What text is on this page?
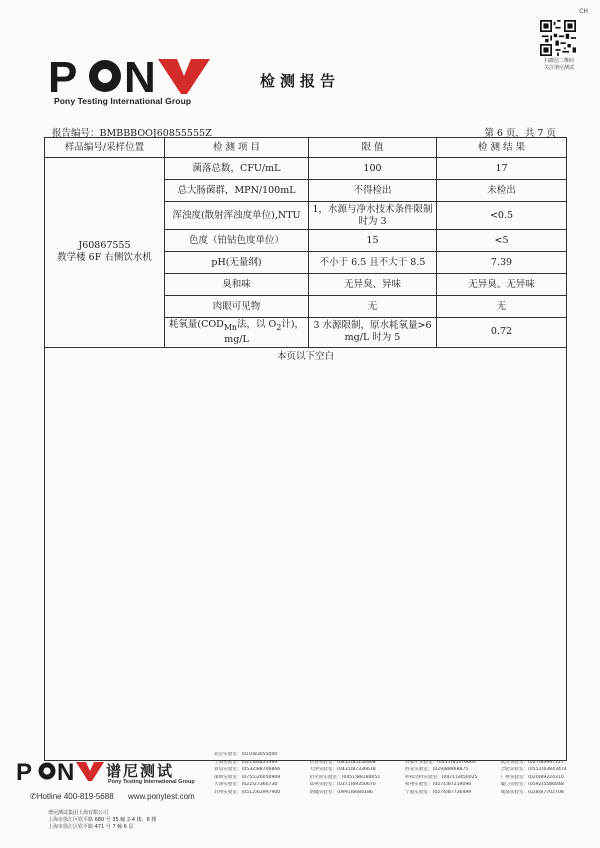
CH
P N
Pony Testing International Group
检测报告
扫微信二维码
关注谱尼测试
报告编号：BMBBBOOJ60855555Z	第 6 页，共 7 页
样品编号/采样位置	检 测 项 目	限 值	检 测 结 果

J60867555
教学楼 6F 右侧饮水机	菌落总数，CFU/mL	100	17
	总大肠菌群，MPN/100mL	不得检出	未检出
	浑浊度(散射浑浊度单位),NTU	1，水源与净水技术条件限制时为 3	<0.5
	色度（铂钴色度单位）	15	<5
	pH(无量纲)	不小于 6.5 且不大于 8.5	7.39
	臭和味	无异臭、异味	无异臭、无异味
	肉眼可见物	无	无
	耗氧量($COD_{Mn}$法，以 $O_2$计)，mg/L	3 水源限制，原水耗氧量>6 mg/L 时为 5	0.72
本页以下空白			
P N 谱尼测试
Pony Testing International Group
✆Hotline 400-819-5688 www.ponytest.com
谱尼测试集团上海有限公司
上海市徐汇区钦平路 680 号 35 幢 2-4 楼、6 楼
上海市徐汇区钦平路 471 号 7 幢 6 层
北京实验室：(010)83055000
上海实验室：(021)64851999	长春实验室：(0431)85150908	石家庄实验室：(0311)85376660	武汉实验室：(027)83997127
青岛实验室：(0532)88706866	天津实验室：(0431)87336618	西安实验室：(029)88968875	合肥实验室：(0551)63843474
深圳实验室：(0755)26050909	哈尔滨实验室：(0451)88184651	呼和浩特实验室：(0471)3450025	广州实验室：(020)89224310
天津实验室：(022)27360730	郑州实验室：(0371)69350670	杭州实验室：(0571)87219096	厦门实验室：(0592)5586048
苏州实验室：(0512)62997900	新疆实验室：(0991)6684186	宁波实验室：(0574)87736499	成都实验室：(028)87702708
